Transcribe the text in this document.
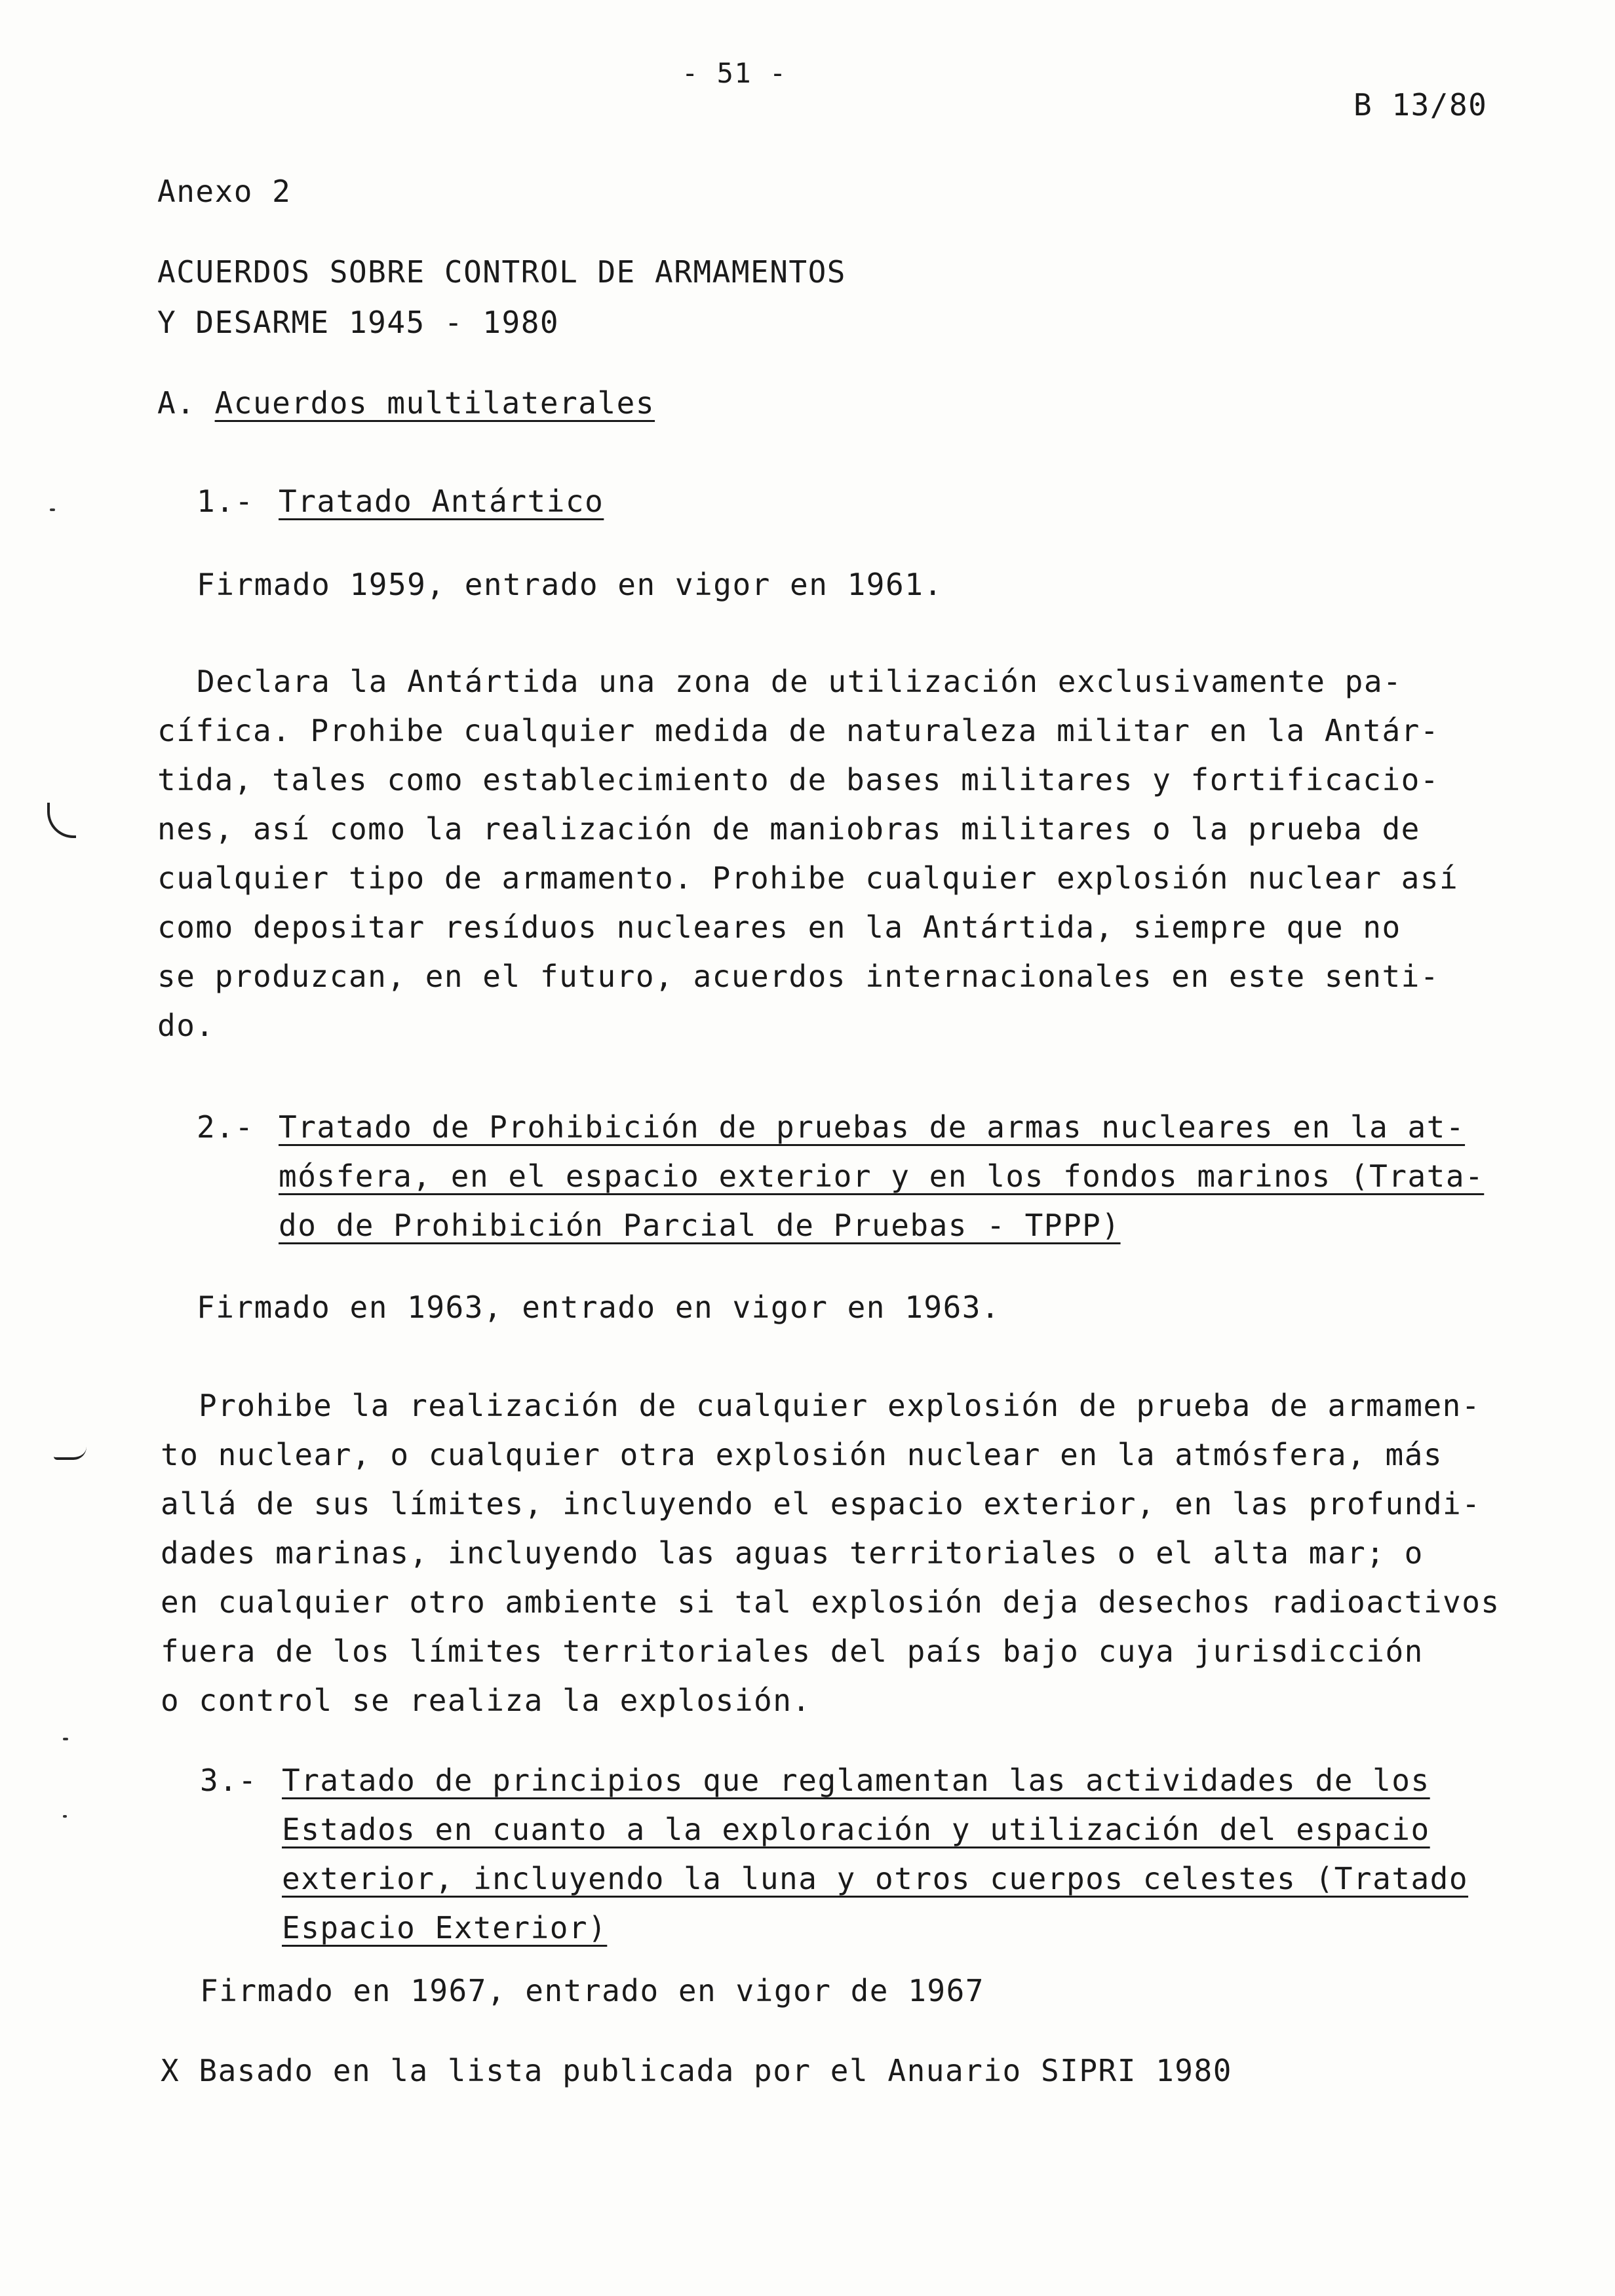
- 51 -
B 13/80
Anexo 2
ACUERDOS SOBRE CONTROL DE ARMAMENTOS
Y DESARME 1945 - 1980
A. Acuerdos multilaterales
1.- Tratado Antártico
Firmado 1959, entrado en vigor en 1961.
Declara la Antártida una zona de utilización exclusivamente pa-
cífica. Prohibe cualquier medida de naturaleza militar en la Antár-
tida, tales como establecimiento de bases militares y fortificacio-
nes, así como la realización de maniobras militares o la prueba de
cualquier tipo de armamento. Prohibe cualquier explosión nuclear así
como depositar resíduos nucleares en la Antártida, siempre que no
se produzcan, en el futuro, acuerdos internacionales en este senti-
do.
2.- Tratado de Prohibición de pruebas de armas nucleares en la at-
mósfera, en el espacio exterior y en los fondos marinos (Trata-
do de Prohibición Parcial de Pruebas - TPPP)
Firmado en 1963, entrado en vigor en 1963.
Prohibe la realización de cualquier explosión de prueba de armamen-
to nuclear, o cualquier otra explosión nuclear en la atmósfera, más
allá de sus límites, incluyendo el espacio exterior, en las profundi-
dades marinas, incluyendo las aguas territoriales o el alta mar; o
en cualquier otro ambiente si tal explosión deja desechos radioactivos
fuera de los límites territoriales del país bajo cuya jurisdicción
o control se realiza la explosión.
3.- Tratado de principios que reglamentan las actividades de los
Estados en cuanto a la exploración y utilización del espacio
exterior, incluyendo la luna y otros cuerpos celestes (Tratado
Espacio Exterior)
Firmado en 1967, entrado en vigor de 1967
X Basado en la lista publicada por el Anuario SIPRI 1980
